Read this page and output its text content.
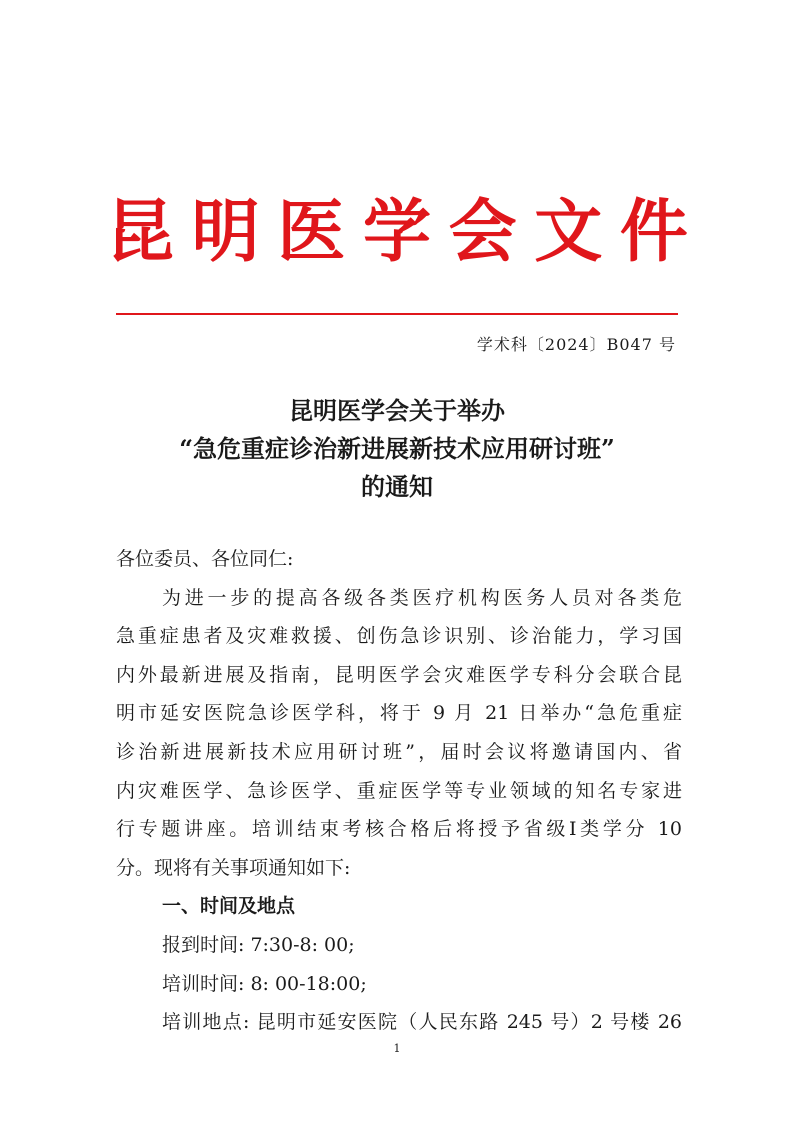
昆 明 医 学 会 文 件
学术科〔2024〕B047 号
昆明医学会关于举办
“急危重症诊治新进展新技术应用研讨班”
的通知
各位委员、各位同仁:
为进一步的提高各级各类医疗机构医务人员对各类危
急重症患者及灾难救援、创伤急诊识别、诊治能力，学习国
内外最新进展及指南，昆明医学会灾难医学专科分会联合昆
明市延安医院急诊医学科，将于 9 月 21 日举办“急危重症
诊治新进展新技术应用研讨班”，届时会议将邀请国内、省
内灾难医学、急诊医学、重症医学等专业领域的知名专家进
行专题讲座。培训结束考核合格后将授予省级Ⅰ类学分 10
分。现将有关事项通知如下:
一、时间及地点
报到时间: 7:30-8: 00;
培训时间: 8: 00-18:00;
培训地点: 昆明市延安医院（人民东路 245 号）2 号楼 26
1
